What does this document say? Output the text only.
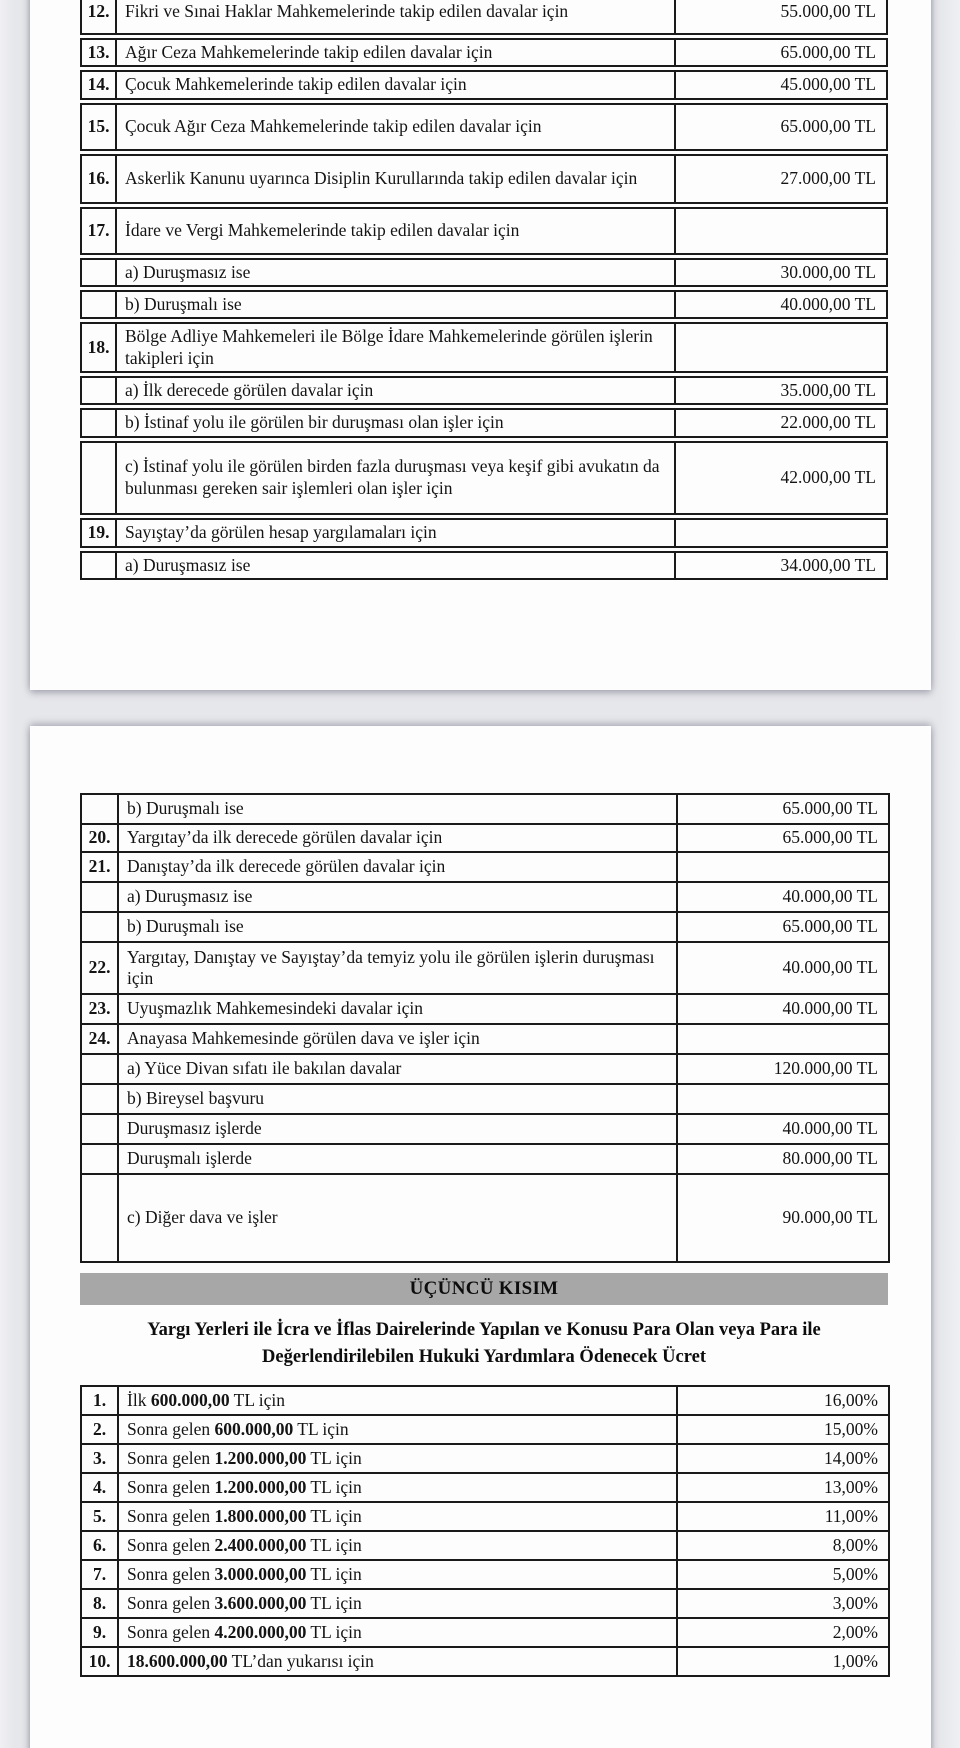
12.	Fikri ve Sınai Haklar Mahkemelerinde takip edilen davalar için	55.000,00 TL
13.	Ağır Ceza Mahkemelerinde takip edilen davalar için	65.000,00 TL
14.	Çocuk Mahkemelerinde takip edilen davalar için	45.000,00 TL
15.	Çocuk Ağır Ceza Mahkemelerinde takip edilen davalar için	65.000,00 TL
16.	Askerlik Kanunu uyarınca Disiplin Kurullarında takip edilen davalar için	27.000,00 TL
17.	İdare ve Vergi Mahkemelerinde takip edilen davalar için	
	a) Duruşmasız ise	30.000,00 TL
	b) Duruşmalı ise	40.000,00 TL
18.	Bölge Adliye Mahkemeleri ile Bölge İdare Mahkemelerinde görülen işlerin takipleri için	
	a) İlk derecede görülen davalar için	35.000,00 TL
	b) İstinaf yolu ile görülen bir duruşması olan işler için	22.000,00 TL
	c) İstinaf yolu ile görülen birden fazla duruşması veya keşif gibi avukatın da bulunması gereken sair işlemleri olan işler için	42.000,00 TL
19.	Sayıştay’da görülen hesap yargılamaları için	
	a) Duruşmasız ise	34.000,00 TL
	b) Duruşmalı ise	65.000,00 TL
20.	Yargıtay’da ilk derecede görülen davalar için	65.000,00 TL
21.	Danıştay’da ilk derecede görülen davalar için	
	a) Duruşmasız ise	40.000,00 TL
	b) Duruşmalı ise	65.000,00 TL
22.	Yargıtay, Danıştay ve Sayıştay’da temyiz yolu ile görülen işlerin duruşması için	40.000,00 TL
23.	Uyuşmazlık Mahkemesindeki davalar için	40.000,00 TL
24.	Anayasa Mahkemesinde görülen dava ve işler için	
	a) Yüce Divan sıfatı ile bakılan davalar	120.000,00 TL
	b) Bireysel başvuru	
	Duruşmasız işlerde	40.000,00 TL
	Duruşmalı işlerde	80.000,00 TL
	c) Diğer dava ve işler	90.000,00 TL
ÜÇÜNCÜ KISIM
Yargı Yerleri ile İcra ve İflas Dairelerinde Yapılan ve Konusu Para Olan veya Para ile Değerlendirilebilen Hukuki Yardımlara Ödenecek Ücret
1.	İlk 600.000,00 TL için	16,00%
2.	Sonra gelen 600.000,00 TL için	15,00%
3.	Sonra gelen 1.200.000,00 TL için	14,00%
4.	Sonra gelen 1.200.000,00 TL için	13,00%
5.	Sonra gelen 1.800.000,00 TL için	11,00%
6.	Sonra gelen 2.400.000,00 TL için	8,00%
7.	Sonra gelen 3.000.000,00 TL için	5,00%
8.	Sonra gelen 3.600.000,00 TL için	3,00%
9.	Sonra gelen 4.200.000,00 TL için	2,00%
10.	18.600.000,00 TL’dan yukarısı için	1,00%
